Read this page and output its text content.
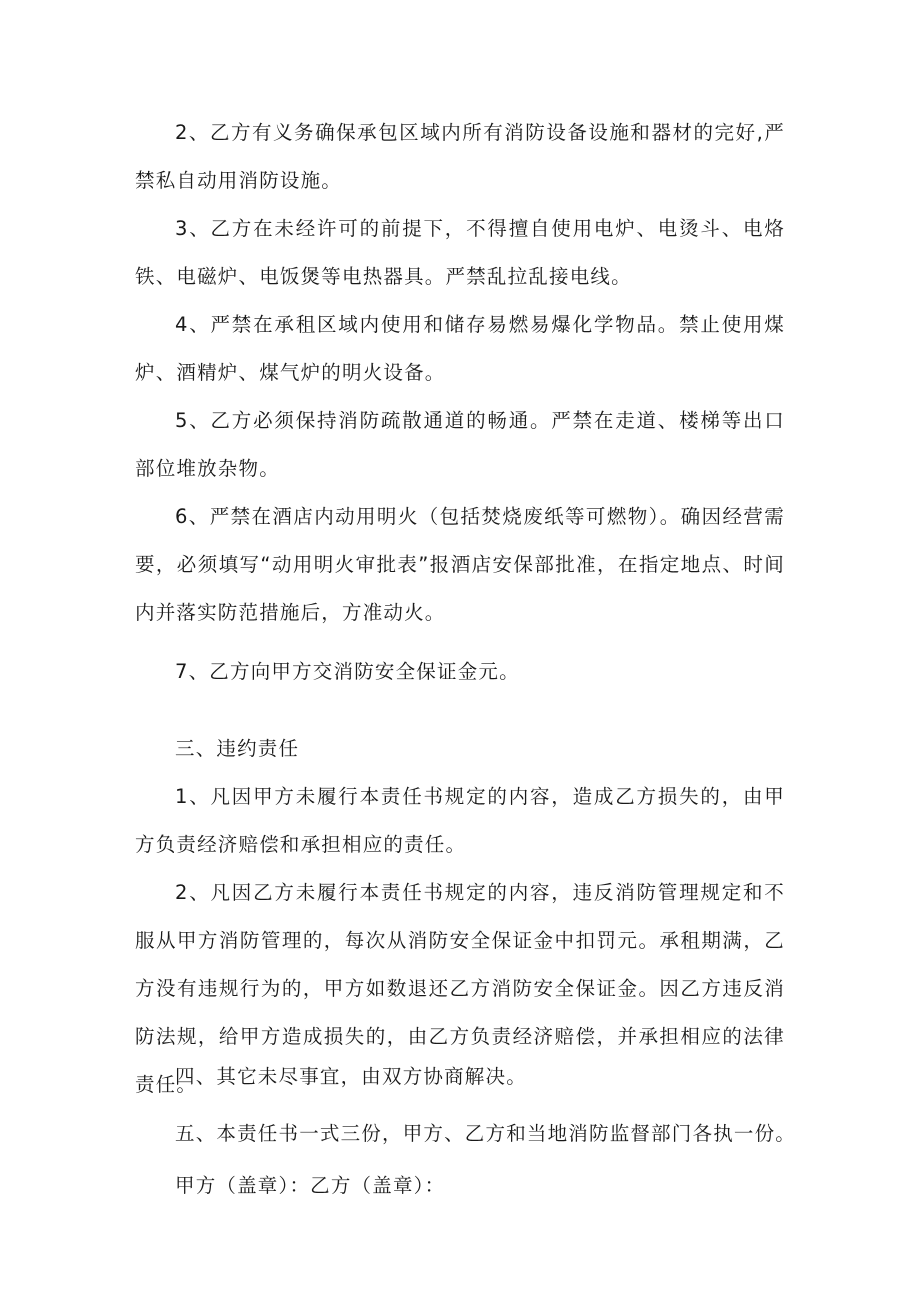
2、乙方有义务确保承包区域内所有消防设备设施和器材的完好,严禁私自动用消防设施。

3、乙方在未经许可的前提下，不得擅自使用电炉、电烫斗、电烙铁、电磁炉、电饭煲等电热器具。严禁乱拉乱接电线。

4、严禁在承租区域内使用和储存易燃易爆化学物品。禁止使用煤炉、酒精炉、煤气炉的明火设备。

5、乙方必须保持消防疏散通道的畅通。严禁在走道、楼梯等出口部位堆放杂物。

6、严禁在酒店内动用明火（包括焚烧废纸等可燃物）。确因经营需要，必须填写“动用明火审批表”报酒店安保部批准，在指定地点、时间内并落实防范措施后，方准动火。

7、乙方向甲方交消防安全保证金元。

三、违约责任

1、凡因甲方未履行本责任书规定的内容，造成乙方损失的，由甲方负责经济赔偿和承担相应的责任。

2、凡因乙方未履行本责任书规定的内容，违反消防管理规定和不服从甲方消防管理的，每次从消防安全保证金中扣罚元。承租期满，乙方没有违规行为的，甲方如数退还乙方消防安全保证金。因乙方违反消防法规，给甲方造成损失的，由乙方负责经济赔偿，并承担相应的法律责任。

四、其它未尽事宜，由双方协商解决。

五、本责任书一式三份，甲方、乙方和当地消防监督部门各执一份。

甲方（盖章）：乙方（盖章）：
